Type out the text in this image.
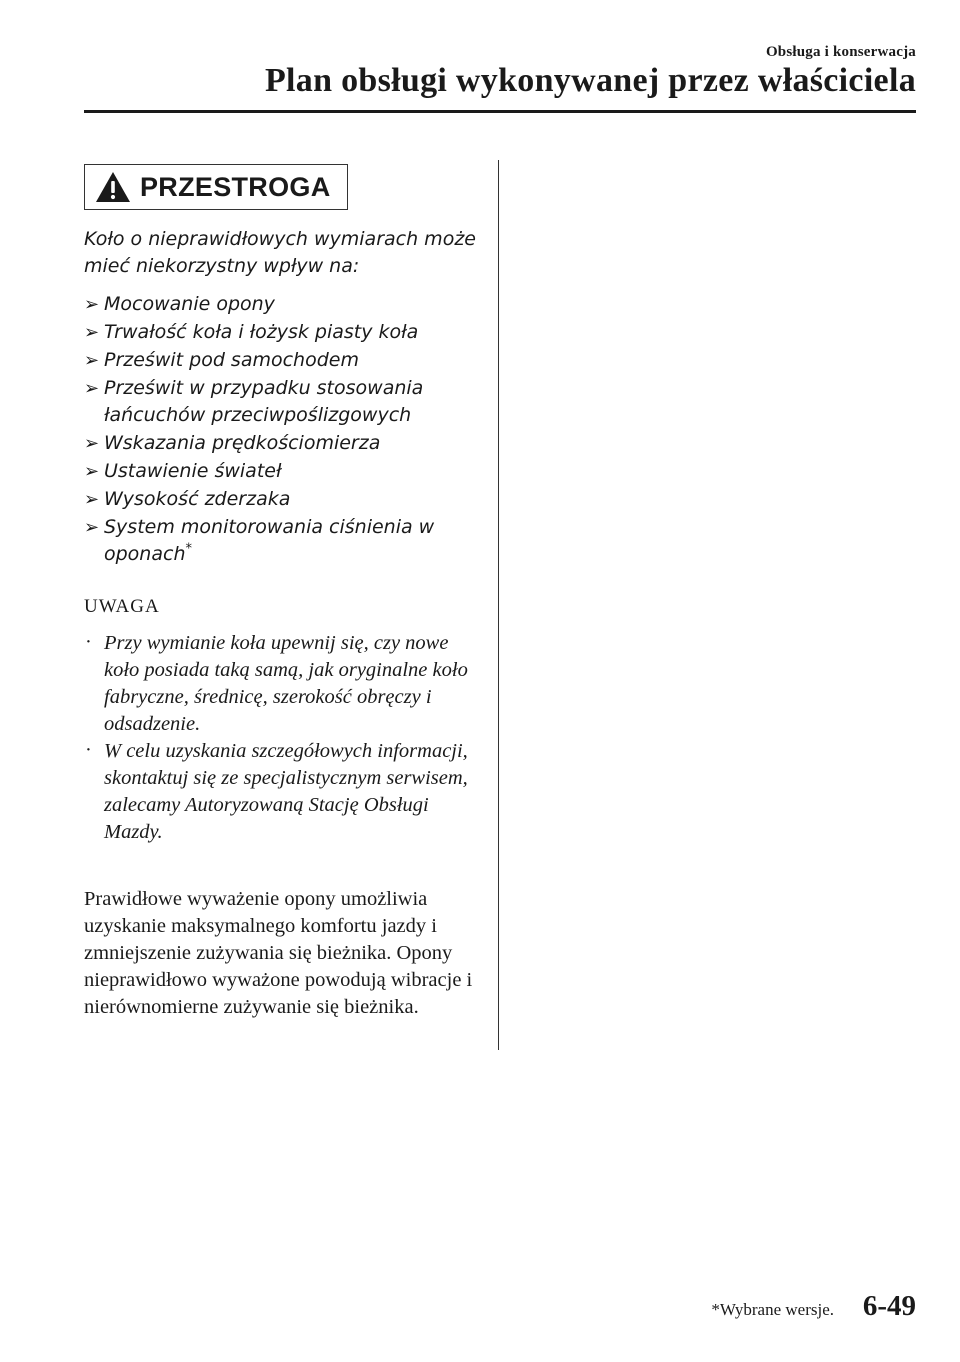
Obsługa i konserwacja
Plan obsługi wykonywanej przez właściciela
PRZESTROGA

Koło o nieprawidłowych wymiarach może mieć niekorzystny wpływ na:

➢ Mocowanie opony
➢ Trwałość koła i łożysk piasty koła
➢ Prześwit pod samochodem
➢ Prześwit w przypadku stosowania łańcuchów przeciwpoślizgowych
➢ Wskazania prędkościomierza
➢ Ustawienie świateł
➢ Wysokość zderzaka
➢ System monitorowania ciśnienia w oponach*
UWAGA
· Przy wymianie koła upewnij się, czy nowe koło posiada taką samą, jak oryginalne koło fabryczne, średnicę, szerokość obręczy i odsadzenie.
· W celu uzyskania szczegółowych informacji, skontaktuj się ze specjalistycznym serwisem, zalecamy Autoryzowaną Stację Obsługi Mazdy.

Prawidłowe wyważenie opony umożliwia uzyskanie maksymalnego komfortu jazdy i zmniejszenie zużywania się bieżnika. Opony nieprawidłowo wyważone powodują wibracje i nierównomierne zużywanie się bieżnika.

*Wybrane wersje. 6-49
